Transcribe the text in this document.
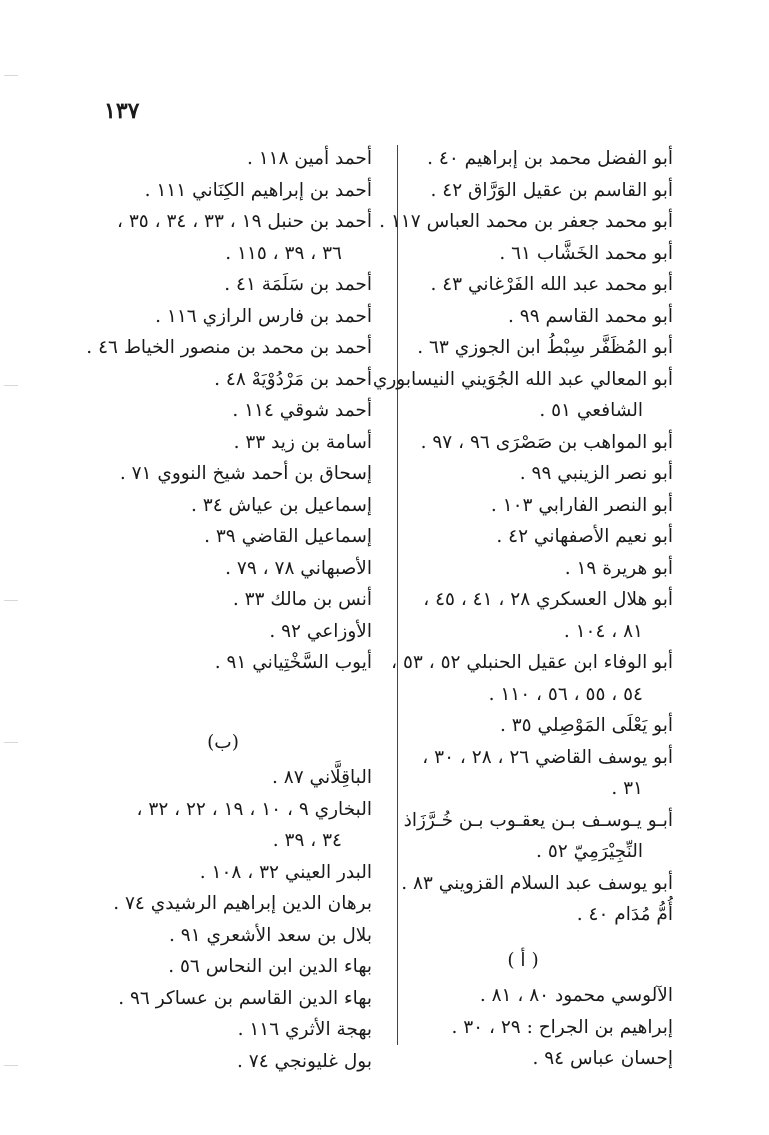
١٣٧
أبو الفضل محمد بن إبراهيم ٤٠ .
أبو القاسم بن عقيل الوَرَّاق ٤٢ .
أبو محمد جعفر بن محمد العباس ١١٧ .
أبو محمد الخَشَّاب ٦١ .
أبو محمد عبد الله الفَرْغاني ٤٣ .
أبو محمد القاسم ٩٩ .
أبو المُظَفَّر سِبْطُ ابن الجوزي ٦٣ .
أبو المعالي عبد الله الجُوَيني النيسابوري
الشافعي ٥١ .
أبو المواهب بن صَصْرَى ٩٦ ، ٩٧ .
أبو نصر الزينبي ٩٩ .
أبو النصر الفارابي ١٠٣ .
أبو نعيم الأصفهاني ٤٢ .
أبو هريرة ١٩ .
أبو هلال العسكري ٢٨ ، ٤١ ، ٤٥ ،
٨١ ، ١٠٤ .
أبو الوفاء ابن عقيل الحنبلي ٥٢ ، ٥٣ ،
٥٤ ، ٥٥ ، ٥٦ ، ١١٠ .
أبو يَعْلَى المَوْصِلي ٣٥ .
أبو يوسف القاضي ٢٦ ، ٢٨ ، ٣٠ ،
٣١ .
أبـو يـوسـف بـن يعقـوب بـن خُـرَّزَاذ
النِّجِيْرَمِيّ ٥٢ .
أبو يوسف عبد السلام القزويني ٨٣ .
أُمُّ مُدَام ٤٠ .
( أ )
الآلوسي محمود ٨٠ ، ٨١ .
إبراهيم بن الجراح : ٢٩ ، ٣٠ .
إحسان عباس ٩٤ .
أحمد أمين ١١٨ .
أحمد بن إبراهيم الكِنَاني ١١١ .
أحمد بن حنبل ١٩ ، ٣٣ ، ٣٤ ، ٣٥ ،
٣٦ ، ٣٩ ، ١١٥ .
أحمد بن سَلَمَة ٤١ .
أحمد بن فارس الرازي ١١٦ .
أحمد بن محمد بن منصور الخياط ٤٦ .
أحمد بن مَرْدُوْيَهْ ٤٨ .
أحمد شوقي ١١٤ .
أسامة بن زيد ٣٣ .
إسحاق بن أحمد شيخ النووي ٧١ .
إسماعيل بن عياش ٣٤ .
إسماعيل القاضي ٣٩ .
الأصبهاني ٧٨ ، ٧٩ .
أنس بن مالك ٣٣ .
الأوزاعي ٩٢ .
أيوب السَّخْتِياني ٩١ .
(ب)
الباقِلَّاني ٨٧ .
البخاري ٩ ، ١٠ ، ١٩ ، ٢٢ ، ٣٢ ،
٣٤ ، ٣٩ .
البدر العيني ٣٢ ، ١٠٨ .
برهان الدين إبراهيم الرشيدي ٧٤ .
بلال بن سعد الأشعري ٩١ .
بهاء الدين ابن النحاس ٥٦ .
بهاء الدين القاسم بن عساكر ٩٦ .
بهجة الأثري ١١٦ .
بول غليونجي ٧٤ .
